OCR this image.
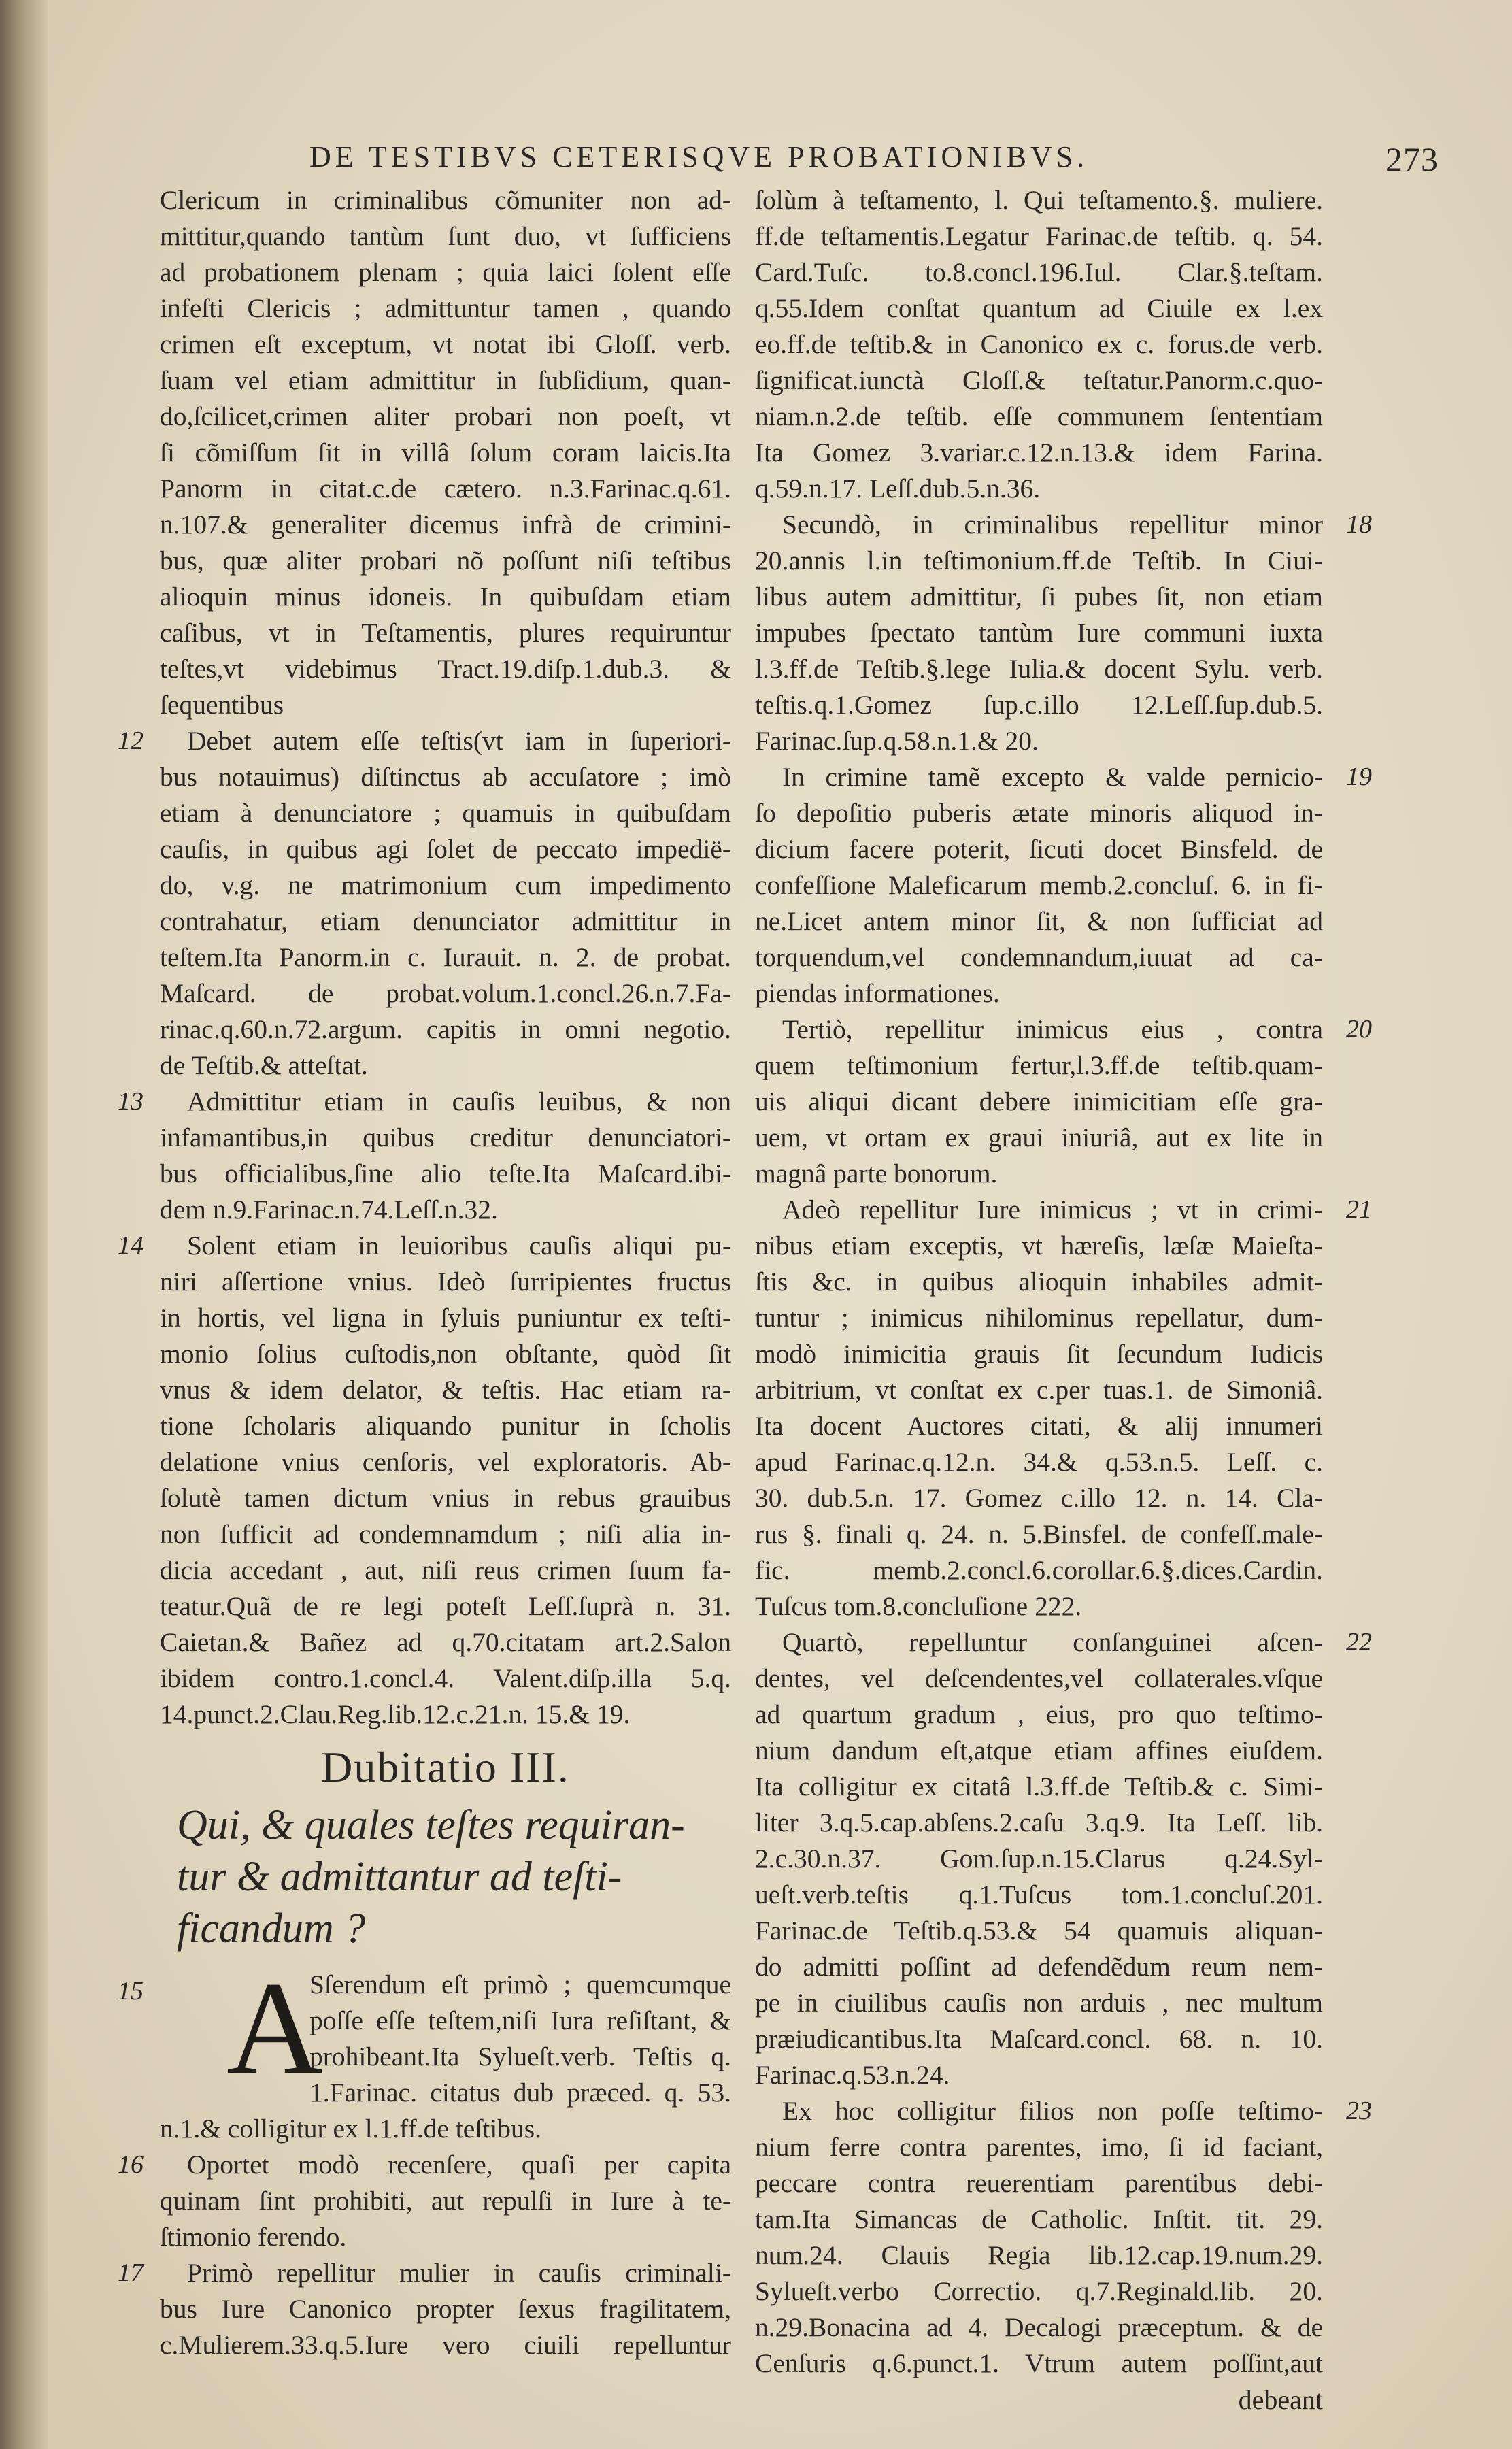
DE TESTIBVS CETERISQVE PROBATIONIBVS.	273
Clericum in criminalibus cõmuniter non ad-
mittitur,quando tantùm ſunt duo, vt ſufficiens
ad probationem plenam ; quia laici ſolent eſſe
infeſti Clericis ; admittuntur tamen , quando
crimen eſt exceptum, vt notat ibi Gloſſ. verb.
ſuam vel etiam admittitur in ſubſidium, quan-
do,ſcilicet,crimen aliter probari non poeſt, vt
ſi cõmiſſum ſit in villâ ſolum coram laicis.Ita
Panorm in citat.c.de cætero. n.3.Farinac.q.61.
n.107.& generaliter dicemus infrà de crimini-
bus, quæ aliter probari nõ poſſunt niſi teſtibus
alioquin minus idoneis. In quibuſdam etiam
caſibus, vt in Teſtamentis, plures requiruntur
teſtes,vt videbimus Tract.19.diſp.1.dub.3. &
ſequentibus
12	Debet autem eſſe teſtis(vt iam in ſuperiori-
bus notauimus) diſtinctus ab accuſatore ; imò
etiam à denunciatore ; quamuis in quibuſdam
cauſis, in quibus agi ſolet de peccato impedië-
do, v.g. ne matrimonium cum impedimento
contrahatur, etiam denunciator admittitur in
teſtem.Ita Panorm.in c. Iurauit. n. 2. de probat.
Maſcard. de probat.volum.1.concl.26.n.7.Fa-
rinac.q.60.n.72.argum. capitis in omni negotio.
de Teſtib.& atteſtat.
13	Admittitur etiam in cauſis leuibus, & non
infamantibus,in quibus creditur denunciatori-
bus officialibus,ſine alio teſte.Ita Maſcard.ibi-
dem n.9.Farinac.n.74.Leſſ.n.32.
14	Solent etiam in leuioribus cauſis aliqui pu-
niri aſſertione vnius. Ideò ſurripientes fructus
in hortis, vel ligna in ſyluis puniuntur ex teſti-
monio ſolius cuſtodis,non obſtante, quòd ſit
vnus & idem delator, & teſtis. Hac etiam ra-
tione ſcholaris aliquando punitur in ſcholis
delatione vnius cenſoris, vel exploratoris. Ab-
ſolutè tamen dictum vnius in rebus grauibus
non ſufficit ad condemnamdum ; niſi alia in-
dicia accedant , aut, niſi reus crimen ſuum fa-
teatur.Quã de re legi poteſt Leſſ.ſuprà n. 31.
Caietan.& Bañez ad q.70.citatam art.2.Salon
ibidem contro.1.concl.4. Valent.diſp.illa 5.q.
14.punct.2.Clau.Reg.lib.12.c.21.n. 15.& 19.
Dubitatio III.
Qui, & quales teſtes requiran-
tur & admittantur ad teſti-
ficandum ?
15 A
Sſerendum eſt primò ; quemcumque
poſſe eſſe teſtem,niſi Iura reſiſtant, &
prohibeant.Ita Sylueſt.verb. Teſtis q.
1.Farinac. citatus dub præced. q. 53.
n.1.& colligitur ex l.1.ff.de teſtibus.
16	Oportet modò recenſere, quaſi per capita
quinam ſint prohibiti, aut repulſi in Iure à te-
ſtimonio ferendo.
17	Primò repellitur mulier in cauſis criminali-
bus Iure Canonico propter ſexus fragilitatem,
c.Mulierem.33.q.5.Iure vero ciuili repelluntur
ſolùm à teſtamento, l. Qui teſtamento.§. muliere.
ff.de teſtamentis.Legatur Farinac.de teſtib. q. 54.
Card.Tuſc. to.8.concl.196.Iul. Clar.§.teſtam.
q.55.Idem conſtat quantum ad Ciuile ex l.ex
eo.ff.de teſtib.& in Canonico ex c. forus.de verb.
ſignificat.iunctà Gloſſ.& teſtatur.Panorm.c.quo-
niam.n.2.de teſtib. eſſe communem ſententiam
Ita Gomez 3.variar.c.12.n.13.& idem Farina.
q.59.n.17. Leſſ.dub.5.n.36.
18
Secundò, in criminalibus repellitur minor
20.annis l.in teſtimonium.ff.de Teſtib. In Ciui-
libus autem admittitur, ſi pubes ſit, non etiam
impubes ſpectato tantùm Iure communi iuxta
l.3.ff.de Teſtib.§.lege Iulia.& docent Sylu. verb.
teſtis.q.1.Gomez ſup.c.illo 12.Leſſ.ſup.dub.5.
Farinac.ſup.q.58.n.1.& 20.
19
In crimine tamẽ excepto & valde pernicio-
ſo depoſitio puberis ætate minoris aliquod in-
dicium facere poterit, ſicuti docet Binsfeld. de
confeſſione Maleficarum memb.2.concluſ. 6. in fi-
ne.Licet antem minor ſit, & non ſufficiat ad
torquendum,vel condemnandum,iuuat ad ca-
piendas informationes.
20
Tertiò, repellitur inimicus eius , contra
quem teſtimonium fertur,l.3.ff.de teſtib.quam-
uis aliqui dicant debere inimicitiam eſſe gra-
uem, vt ortam ex graui iniuriâ, aut ex lite in
magnâ parte bonorum.
21
Adeò repellitur Iure inimicus ; vt in crimi-
nibus etiam exceptis, vt hæreſis, læſæ Maieſta-
ſtis &c. in quibus alioquin inhabiles admit-
tuntur ; inimicus nihilominus repellatur, dum-
modò inimicitia grauis ſit ſecundum Iudicis
arbitrium, vt conſtat ex c.per tuas.1. de Simoniâ.
Ita docent Auctores citati, & alij innumeri
apud Farinac.q.12.n. 34.& q.53.n.5. Leſſ. c.
30. dub.5.n. 17. Gomez c.illo 12. n. 14. Cla-
rus §. finali q. 24. n. 5.Binsfel. de confeſſ.male-
fic. memb.2.concl.6.corollar.6.§.dices.Cardin.
Tuſcus tom.8.concluſione 222.
22
Quartò, repelluntur conſanguinei aſcen-
dentes, vel deſcendentes,vel collaterales.vſque
ad quartum gradum , eius, pro quo teſtimo-
nium dandum eſt,atque etiam affines eiuſdem.
Ita colligitur ex citatâ l.3.ff.de Teſtib.& c. Simi-
liter 3.q.5.cap.abſens.2.caſu 3.q.9. Ita Leſſ. lib.
2.c.30.n.37. Gom.ſup.n.15.Clarus q.24.Syl-
ueſt.verb.teſtis q.1.Tuſcus tom.1.concluſ.201.
Farinac.de Teſtib.q.53.& 54 quamuis aliquan-
do admitti poſſint ad defendẽdum reum nem-
pe in ciuilibus cauſis non arduis , nec multum
præiudicantibus.Ita Maſcard.concl. 68. n. 10.
Farinac.q.53.n.24.
23
Ex hoc colligitur filios non poſſe teſtimo-
nium ferre contra parentes, imo, ſi id faciant,
peccare contra reuerentiam parentibus debi-
tam.Ita Simancas de Catholic. Inſtit. tit. 29.
num.24. Clauis Regia lib.12.cap.19.num.29.
Sylueſt.verbo Correctio. q.7.Reginald.lib. 20.
n.29.Bonacina ad 4. Decalogi præceptum. & de
Cenſuris q.6.punct.1. Vtrum autem poſſint,aut
debeant
